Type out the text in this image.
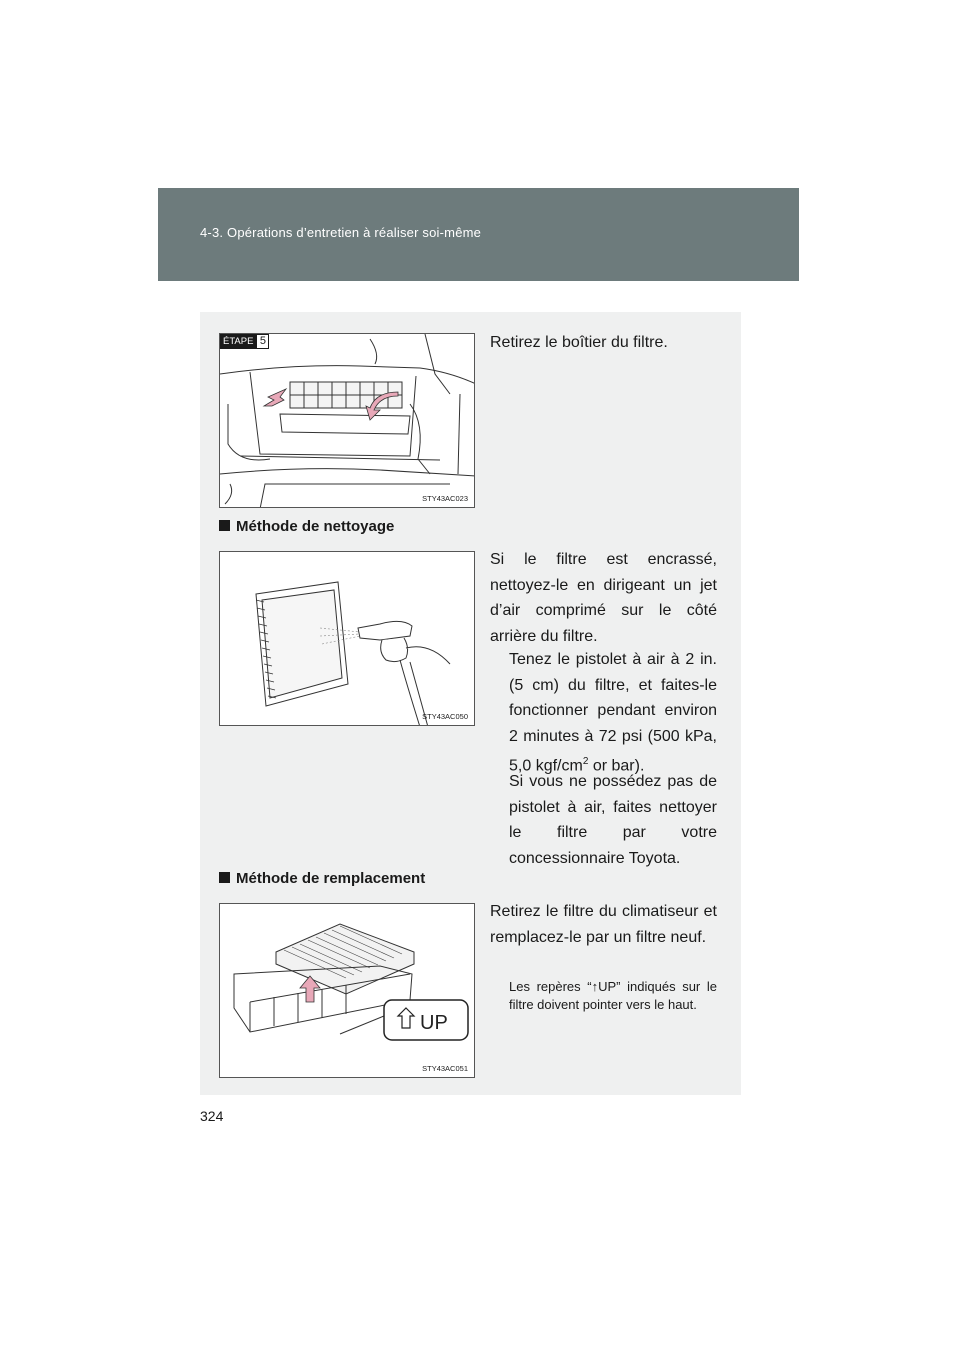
4-3. Opérations d’entretien à réaliser soi-même
ÉTAPE 5
STY43AC023
Retirez le boîtier du filtre.
Méthode de nettoyage
STY43AC050
Si le filtre est encrassé, nettoyez-le en dirigeant un jet d’air comprimé sur le côté arrière du filtre.
Tenez le pistolet à air à 2 in. (5 cm) du filtre, et faites-le fonctionner pendant environ 2 minutes à 72 psi (500 kPa, 5,0 kgf/$cm^2$ or bar).
Si vous ne possédez pas de pistolet à air, faites nettoyer le filtre par votre concessionnaire Toyota.
Méthode de remplacement
UP
STY43AC051
Retirez le filtre du climatiseur et remplacez-le par un filtre neuf.
Les repères “↑UP” indiqués sur le filtre doivent pointer vers le haut.
324
